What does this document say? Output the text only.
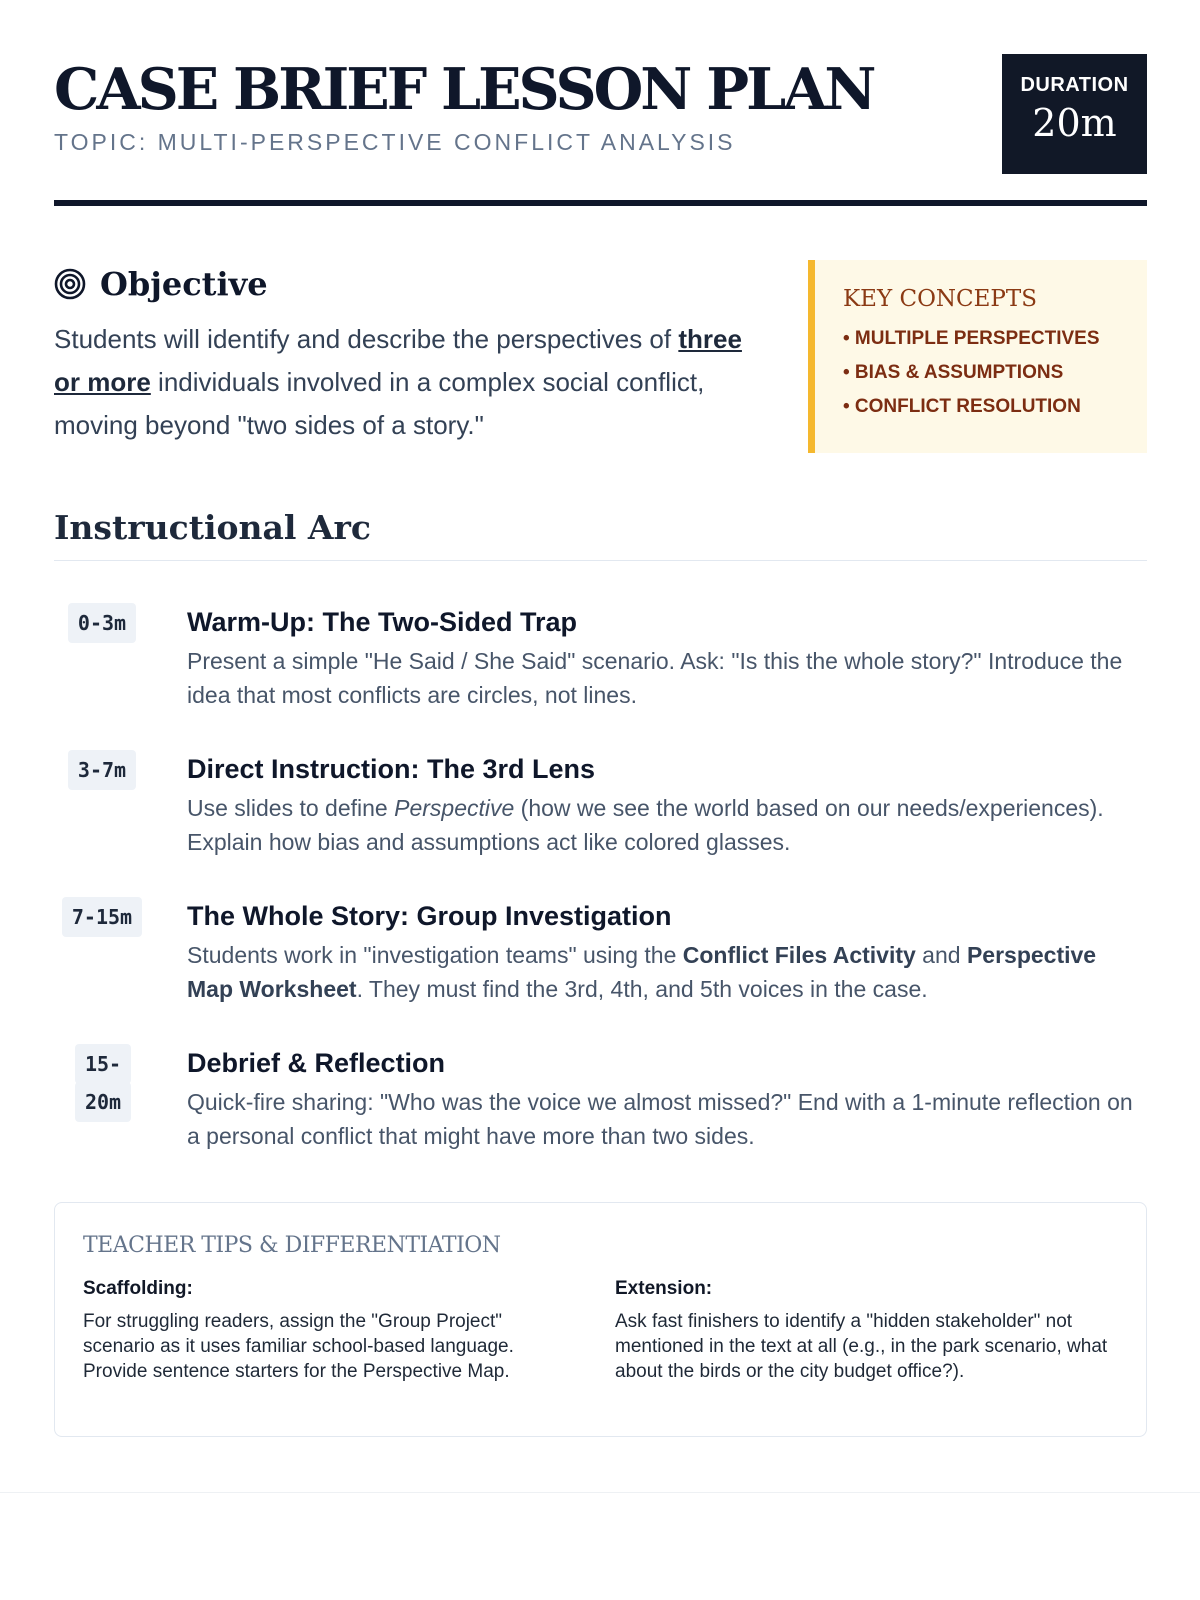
CASE BRIEF LESSON PLAN
TOPIC: MULTI-PERSPECTIVE CONFLICT ANALYSIS
DURATION
20m
Objective

Students will identify and describe the perspectives of three or more individuals involved in a complex social conflict, moving beyond "two sides of a story."

KEY CONCEPTS
• MULTIPLE PERSPECTIVES
• BIAS & ASSUMPTIONS
• CONFLICT RESOLUTION
Instructional Arc
0-3m	Warm-Up: The Two-Sided Trap
Present a simple "He Said / She Said" scenario. Ask: "Is this the whole story?" Introduce the idea that most conflicts are circles, not lines.
3-7m	Direct Instruction: The 3rd Lens
Use slides to define Perspective (how we see the world based on our needs/experiences). Explain how bias and assumptions act like colored glasses.
7-15m	The Whole Story: Group Investigation
Students work in "investigation teams" using the Conflict Files Activity and Perspective Map Worksheet. They must find the 3rd, 4th, and 5th voices in the case.
15-20m
Debrief & Reflection
Quick-fire sharing: "Who was the voice we almost missed?" End with a 1-minute reflection on a personal conflict that might have more than two sides.
TEACHER TIPS & DIFFERENTIATION
Scaffolding:
For struggling readers, assign the "Group Project" scenario as it uses familiar school-based language. Provide sentence starters for the Perspective Map.
Extension:
Ask fast finishers to identify a "hidden stakeholder" not mentioned in the text at all (e.g., in the park scenario, what about the birds or the city budget office?).
